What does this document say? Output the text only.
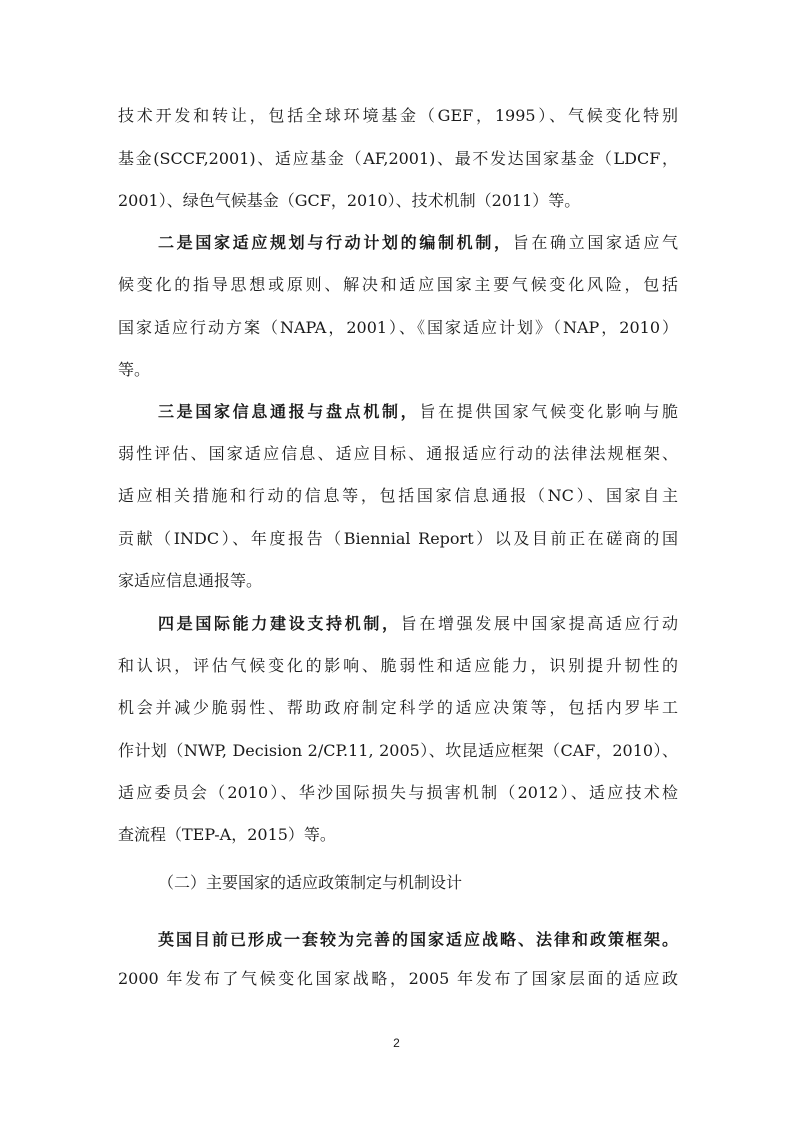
技术开发和转让，包括全球环境基金（GEF，1995）、气候变化特别
基金(SCCF,2001)、适应基金（AF,2001)、最不发达国家基金（LDCF，
2001）、绿色气候基金（GCF，2010）、技术机制（2011）等。
二是国家适应规划与行动计划的编制机制，旨在确立国家适应气
候变化的指导思想或原则、解决和适应国家主要气候变化风险，包括
国家适应行动方案（NAPA，2001）、《国家适应计划》（NAP，2010）
等。
三是国家信息通报与盘点机制，旨在提供国家气候变化影响与脆
弱性评估、国家适应信息、适应目标、通报适应行动的法律法规框架、
适应相关措施和行动的信息等，包括国家信息通报（NC）、国家自主
贡献（INDC）、年度报告（Biennial Report）以及目前正在磋商的国
家适应信息通报等。
四是国际能力建设支持机制，旨在增强发展中国家提高适应行动
和认识，评估气候变化的影响、脆弱性和适应能力，识别提升韧性的
机会并减少脆弱性、帮助政府制定科学的适应决策等，包括内罗毕工
作计划（NWP, Decision 2/CP.11, 2005）、坎昆适应框架（CAF，2010）、
适应委员会（2010）、华沙国际损失与损害机制（2012）、适应技术检
查流程（TEP-A，2015）等。
（二）主要国家的适应政策制定与机制设计
英国目前已形成一套较为完善的国家适应战略、法律和政策框架。
2000 年发布了气候变化国家战略，2005 年发布了国家层面的适应政
2
